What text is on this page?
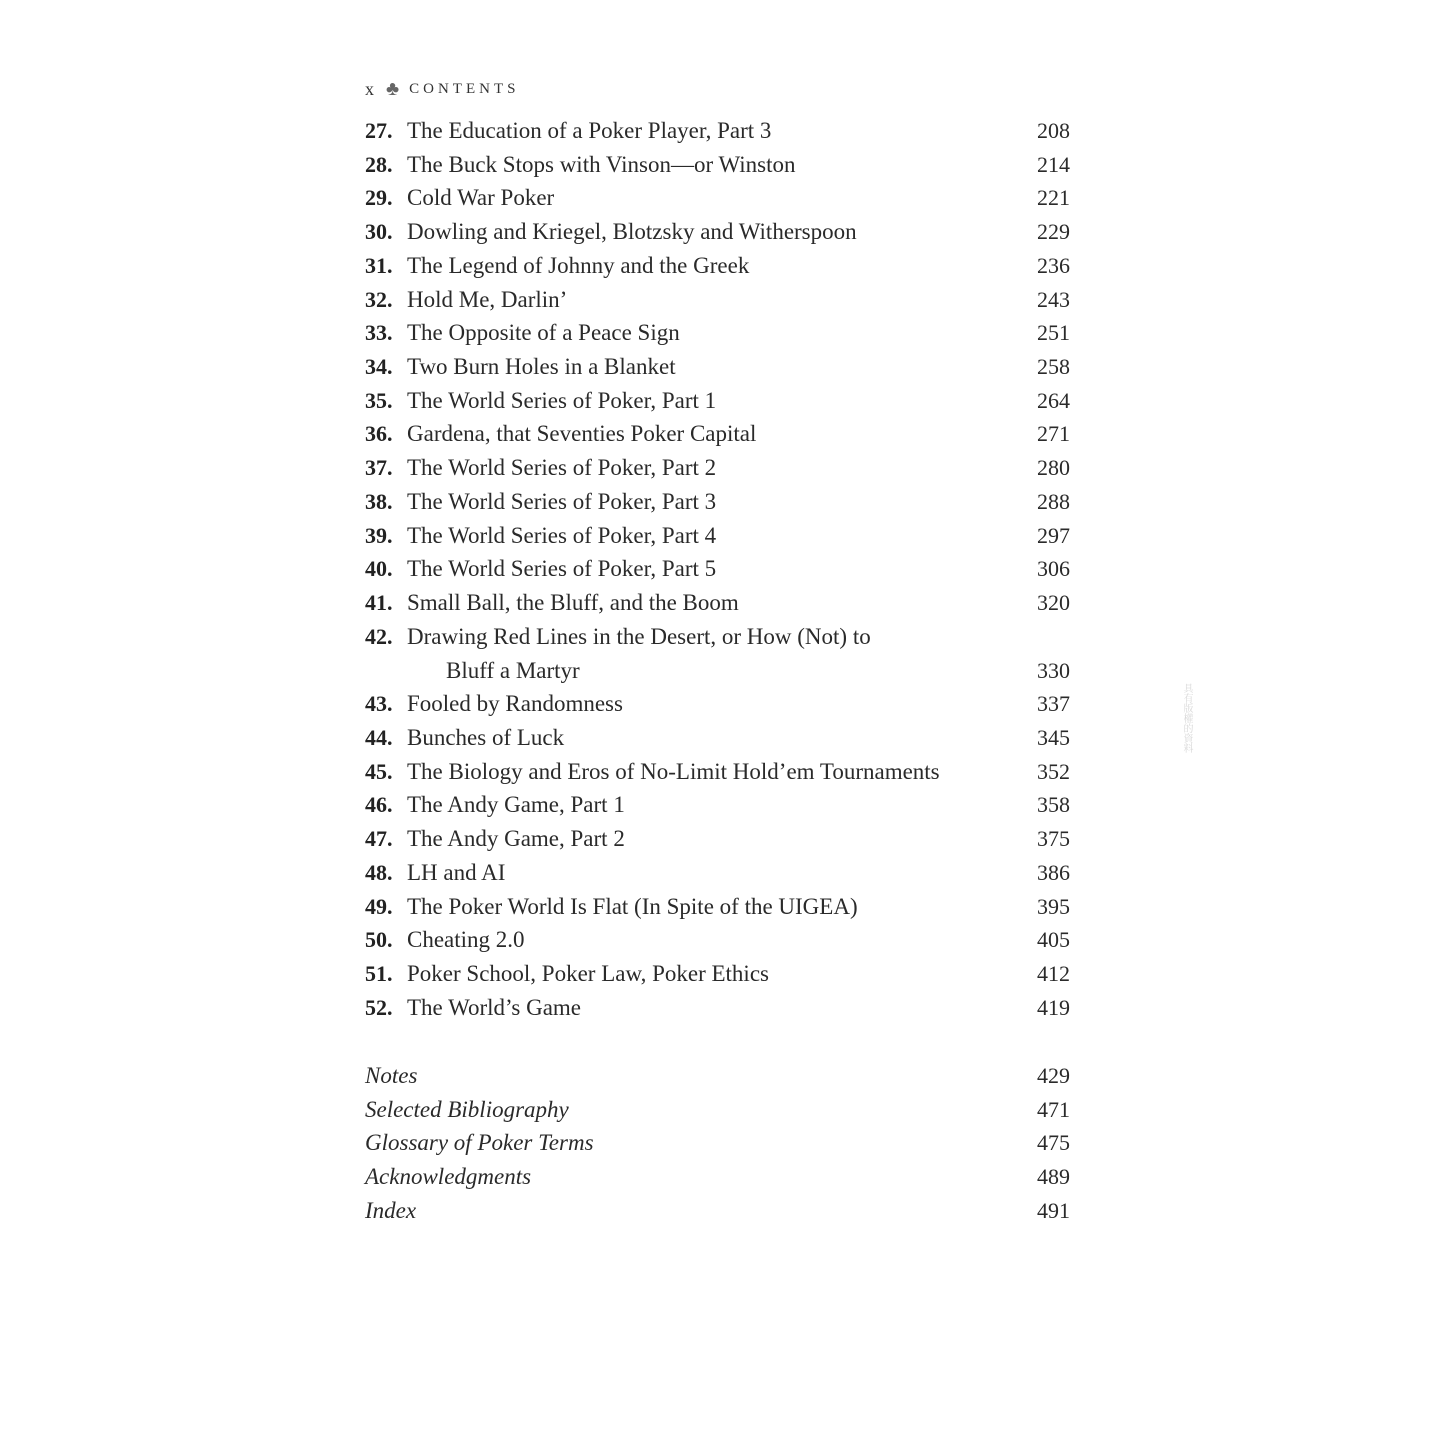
x ♣ CONTENTS
27. The Education of a Poker Player, Part 3	208
28. The Buck Stops with Vinson—or Winston	214
29. Cold War Poker	221
30. Dowling and Kriegel, Blotzsky and Witherspoon	229
31. The Legend of Johnny and the Greek	236
32. Hold Me, Darlin’	243
33. The Opposite of a Peace Sign	251
34. Two Burn Holes in a Blanket	258
35. The World Series of Poker, Part 1	264
36. Gardena, that Seventies Poker Capital	271
37. The World Series of Poker, Part 2	280
38. The World Series of Poker, Part 3	288
39. The World Series of Poker, Part 4	297
40. The World Series of Poker, Part 5	306
41. Small Ball, the Bluff, and the Boom	320
42. Drawing Red Lines in the Desert, or How (Not) to
Bluff a Martyr	330
43. Fooled by Randomness	337
44. Bunches of Luck	345
45. The Biology and Eros of No-Limit Hold’em Tournaments	352
46. The Andy Game, Part 1	358
47. The Andy Game, Part 2	375
48. LH and AI	386
49. The Poker World Is Flat (In Spite of the UIGEA)	395
50. Cheating 2.0	405
51. Poker School, Poker Law, Poker Ethics	412
52. The World’s Game	419
Notes	429
Selected Bibliography	471
Glossary of Poker Terms	475
Acknowledgments	489
Index	491
具有版權的資料
